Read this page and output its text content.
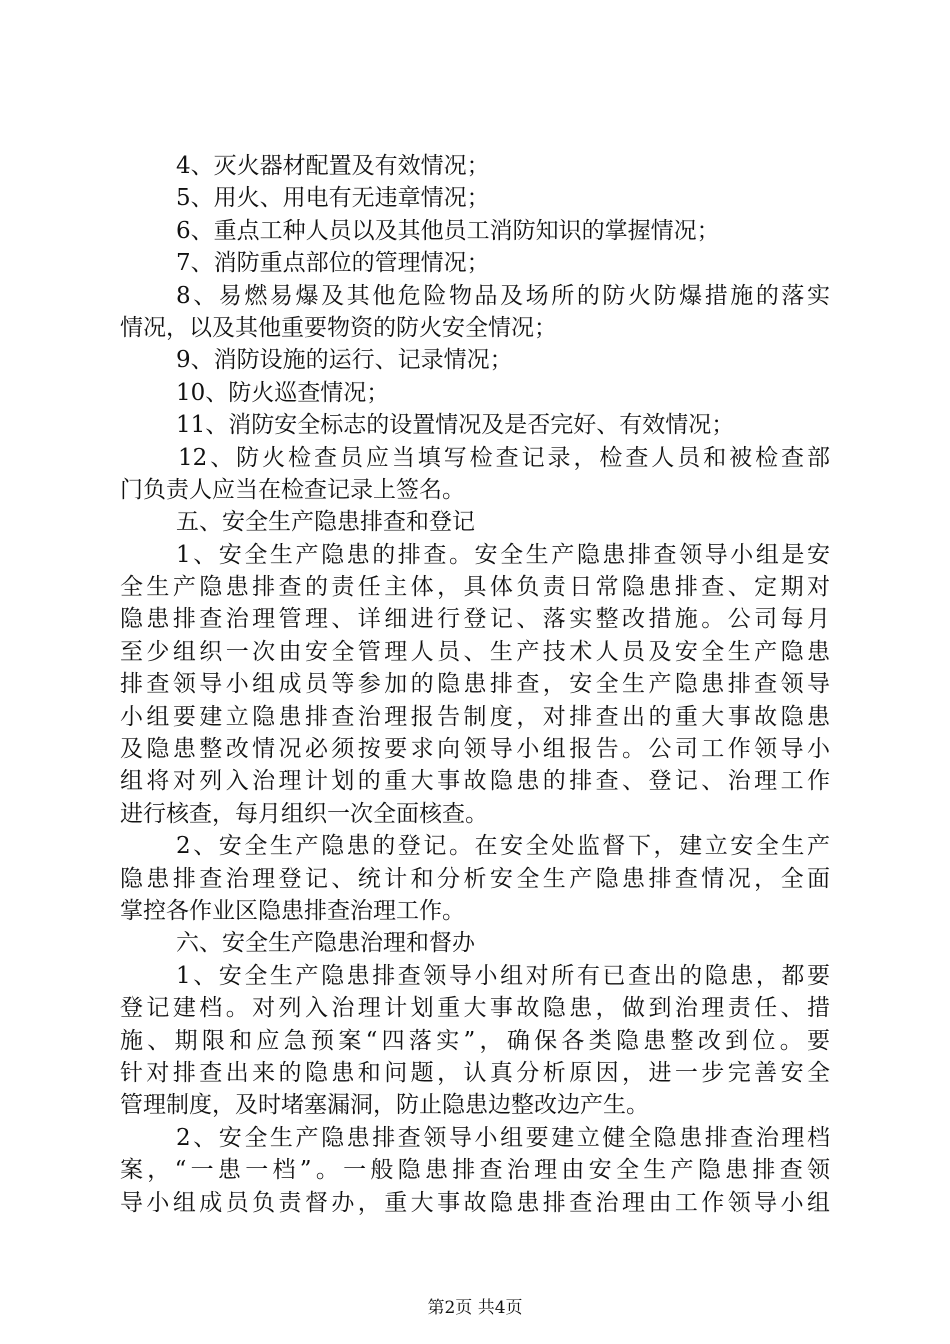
4、灭火器材配置及有效情况；
5、用火、用电有无违章情况；
6、重点工种人员以及其他员工消防知识的掌握情况；
7、消防重点部位的管理情况；
8、易燃易爆及其他危险物品及场所的防火防爆措施的落实
情况，以及其他重要物资的防火安全情况；
9、消防设施的运行、记录情况；
10、防火巡查情况；
11、消防安全标志的设置情况及是否完好、有效情况；
12、防火检查员应当填写检查记录，检查人员和被检查部
门负责人应当在检查记录上签名。
五、安全生产隐患排查和登记
1、安全生产隐患的排查。安全生产隐患排查领导小组是安
全生产隐患排查的责任主体，具体负责日常隐患排查、定期对
隐患排查治理管理、详细进行登记、落实整改措施。公司每月
至少组织一次由安全管理人员、生产技术人员及安全生产隐患
排查领导小组成员等参加的隐患排查，安全生产隐患排查领导
小组要建立隐患排查治理报告制度，对排查出的重大事故隐患
及隐患整改情况必须按要求向领导小组报告。公司工作领导小
组将对列入治理计划的重大事故隐患的排查、登记、治理工作
进行核查，每月组织一次全面核查。
2、安全生产隐患的登记。在安全处监督下，建立安全生产
隐患排查治理登记、统计和分析安全生产隐患排查情况，全面
掌控各作业区隐患排查治理工作。
六、安全生产隐患治理和督办
1、安全生产隐患排查领导小组对所有已查出的隐患，都要
登记建档。对列入治理计划重大事故隐患，做到治理责任、措
施、期限和应急预案“四落实”，确保各类隐患整改到位。要
针对排查出来的隐患和问题，认真分析原因，进一步完善安全
管理制度，及时堵塞漏洞，防止隐患边整改边产生。
2、安全生产隐患排查领导小组要建立健全隐患排查治理档
案，“一患一档”。一般隐患排查治理由安全生产隐患排查领
导小组成员负责督办，重大事故隐患排查治理由工作领导小组
第2页 共4页
